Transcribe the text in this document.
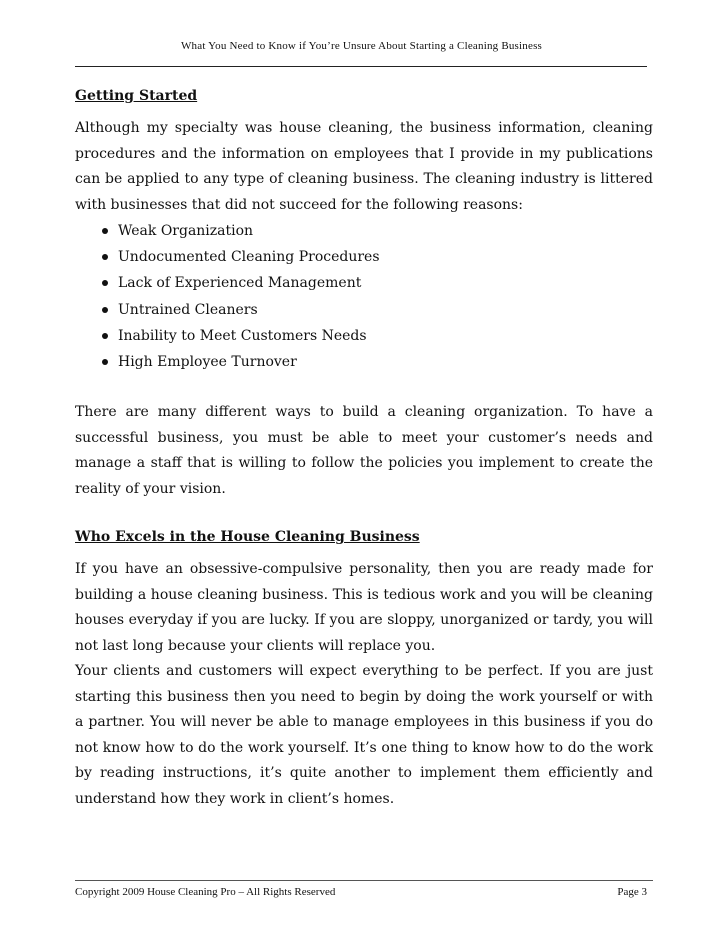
What You Need to Know if You’re Unsure About Starting a Cleaning Business
Getting Started

Although my specialty was house cleaning, the business information, cleaning procedures and the information on employees that I provide in my publications can be applied to any type of cleaning business. The cleaning industry is littered with businesses that did not succeed for the following reasons:

Weak Organization
Undocumented Cleaning Procedures
Lack of Experienced Management
Untrained Cleaners
Inability to Meet Customers Needs
High Employee Turnover

There are many different ways to build a cleaning organization. To have a successful business, you must be able to meet your customer’s needs and manage a staff that is willing to follow the policies you implement to create the reality of your vision.

Who Excels in the House Cleaning Business

If you have an obsessive-compulsive personality, then you are ready made for building a house cleaning business. This is tedious work and you will be cleaning houses everyday if you are lucky. If you are sloppy, unorganized or tardy, you will not last long because your clients will replace you.

Your clients and customers will expect everything to be perfect. If you are just starting this business then you need to begin by doing the work yourself or with a partner. You will never be able to manage employees in this business if you do not know how to do the work yourself. It’s one thing to know how to do the work by reading instructions, it’s quite another to implement them efficiently and understand how they work in client’s homes.

Copyright 2009 House Cleaning Pro – All Rights Reserved	Page 3
